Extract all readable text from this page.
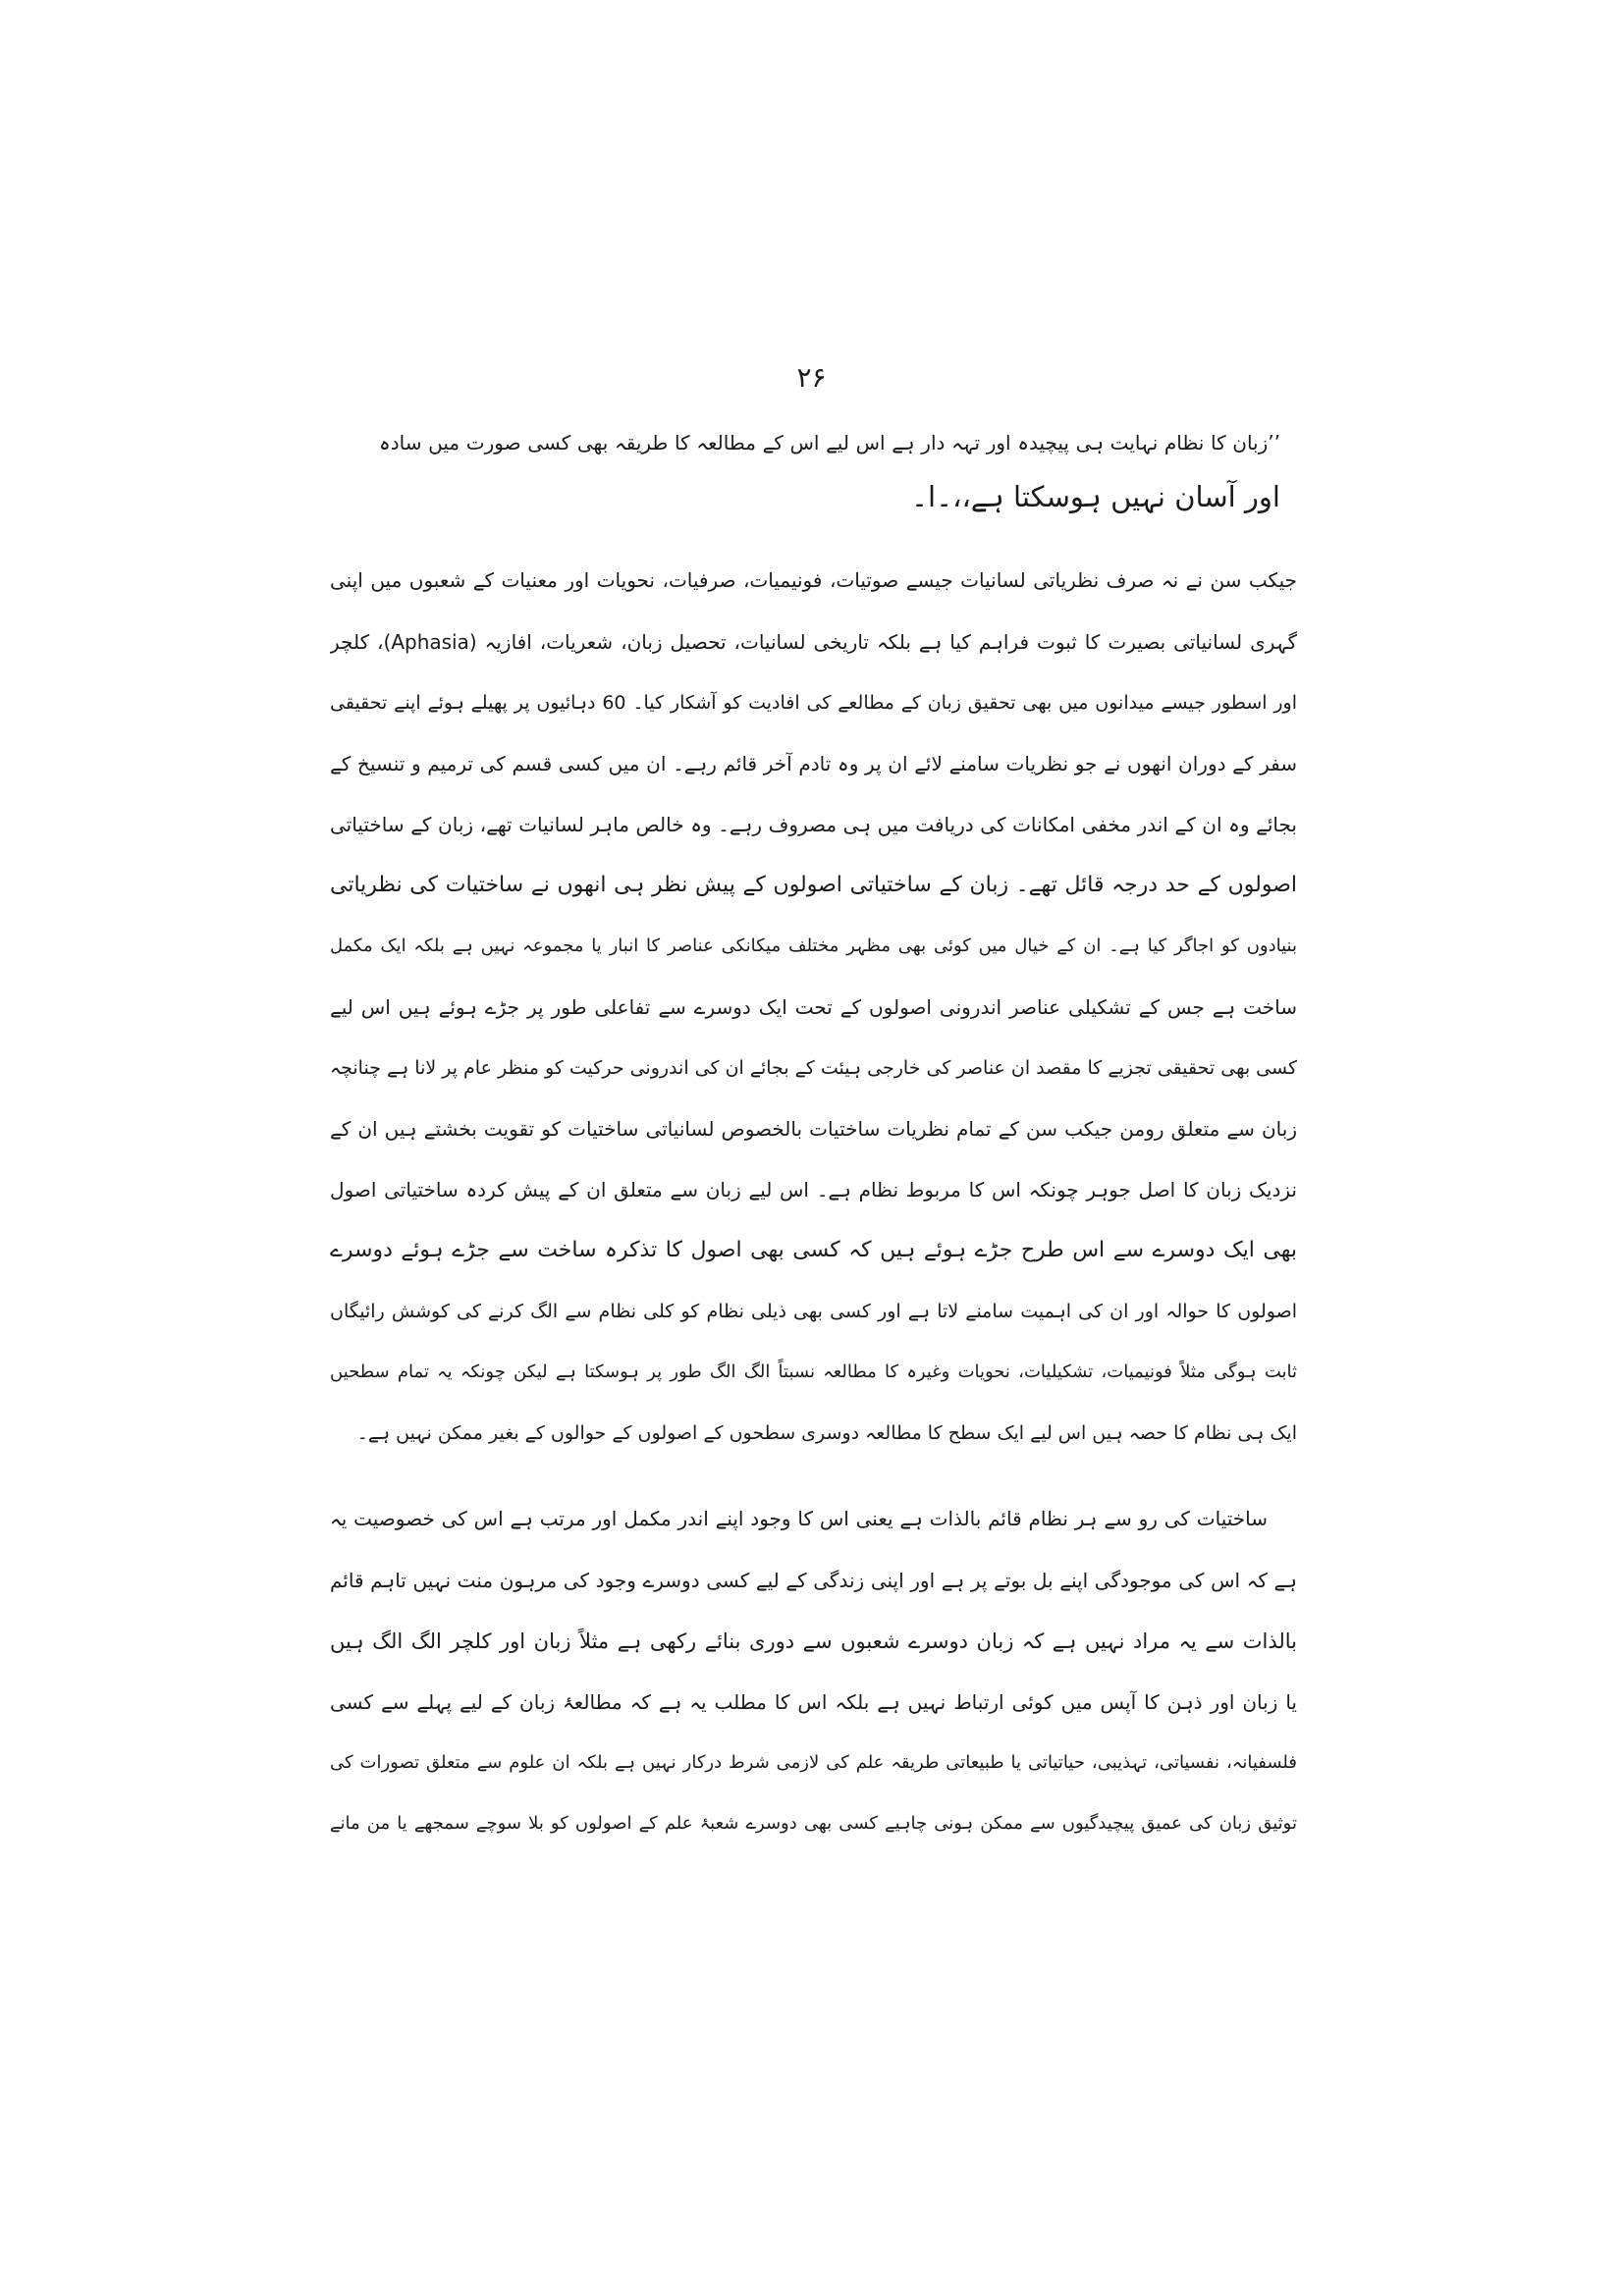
۲۶
’’زبان کا نظام نہایت ہی پیچیدہ اور تہہ دار ہے اس لیے اس کے مطالعہ کا طریقہ بھی کسی صورت میں سادہ
اور آسان نہیں ہوسکتا ہے،،۔ا۔
جیکب سن نے نہ صرف نظریاتی لسانیات جیسے صوتیات، فونیمیات، صرفیات، نحویات اور معنیات کے شعبوں میں اپنی
گہری لسانیاتی بصیرت کا ثبوت فراہم کیا ہے بلکہ تاریخی لسانیات، تحصیل زبان، شعریات، افازیہ (Aphasia)، کلچر
اور اسطور جیسے میدانوں میں بھی تحقیق زبان کے مطالعے کی افادیت کو آشکار کیا۔ 60 دہائیوں پر پھیلے ہوئے اپنے تحقیقی
سفر کے دوران انھوں نے جو نظریات سامنے لائے ان پر وہ تادم آخر قائم رہے۔ ان میں کسی قسم کی ترمیم و تنسیخ کے
بجائے وہ ان کے اندر مخفی امکانات کی دریافت میں ہی مصروف رہے۔ وہ خالص ماہر لسانیات تھے، زبان کے ساختیاتی
اصولوں کے حد درجہ قائل تھے۔ زبان کے ساختیاتی اصولوں کے پیش نظر ہی انھوں نے ساختیات کی نظریاتی
بنیادوں کو اجاگر کیا ہے۔ ان کے خیال میں کوئی بھی مظہر مختلف میکانکی عناصر کا انبار یا مجموعہ نہیں ہے بلکہ ایک مکمل
ساخت ہے جس کے تشکیلی عناصر اندرونی اصولوں کے تحت ایک دوسرے سے تفاعلی طور پر جڑے ہوئے ہیں اس لیے
کسی بھی تحقیقی تجزیے کا مقصد ان عناصر کی خارجی ہیئت کے بجائے ان کی اندرونی حرکیت کو منظر عام پر لانا ہے چنانچہ
زبان سے متعلق رومن جیکب سن کے تمام نظریات ساختیات بالخصوص لسانیاتی ساختیات کو تقویت بخشتے ہیں ان کے
نزدیک زبان کا اصل جوہر چونکہ اس کا مربوط نظام ہے۔ اس لیے زبان سے متعلق ان کے پیش کردہ ساختیاتی اصول
بھی ایک دوسرے سے اس طرح جڑے ہوئے ہیں کہ کسی بھی اصول کا تذکرہ ساخت سے جڑے ہوئے دوسرے
اصولوں کا حوالہ اور ان کی اہمیت سامنے لاتا ہے اور کسی بھی ذیلی نظام کو کلی نظام سے الگ کرنے کی کوشش رائیگاں
ثابت ہوگی مثلاً فونیمیات، تشکیلیات، نحویات وغیرہ کا مطالعہ نسبتاً الگ الگ طور پر ہوسکتا ہے لیکن چونکہ یہ تمام سطحیں
ایک ہی نظام کا حصہ ہیں اس لیے ایک سطح کا مطالعہ دوسری سطحوں کے اصولوں کے حوالوں کے بغیر ممکن نہیں ہے۔
ساختیات کی رو سے ہر نظام قائم بالذات ہے یعنی اس کا وجود اپنے اندر مکمل اور مرتب ہے اس کی خصوصیت یہ
ہے کہ اس کی موجودگی اپنے بل بوتے پر ہے اور اپنی زندگی کے لیے کسی دوسرے وجود کی مرہون منت نہیں تاہم قائم
بالذات سے یہ مراد نہیں ہے کہ زبان دوسرے شعبوں سے دوری بنائے رکھی ہے مثلاً زبان اور کلچر الگ الگ ہیں
یا زبان اور ذہن کا آپس میں کوئی ارتباط نہیں ہے بلکہ اس کا مطلب یہ ہے کہ مطالعۂ زبان کے لیے پہلے سے کسی
فلسفیانہ، نفسیاتی، تہذیبی، حیاتیاتی یا طبیعاتی طریقہ علم کی لازمی شرط درکار نہیں ہے بلکہ ان علوم سے متعلق تصورات کی
توثیق زبان کی عمیق پیچیدگیوں سے ممکن ہونی چاہیے کسی بھی دوسرے شعبۂ علم کے اصولوں کو بلا سوچے سمجھے یا من مانے
